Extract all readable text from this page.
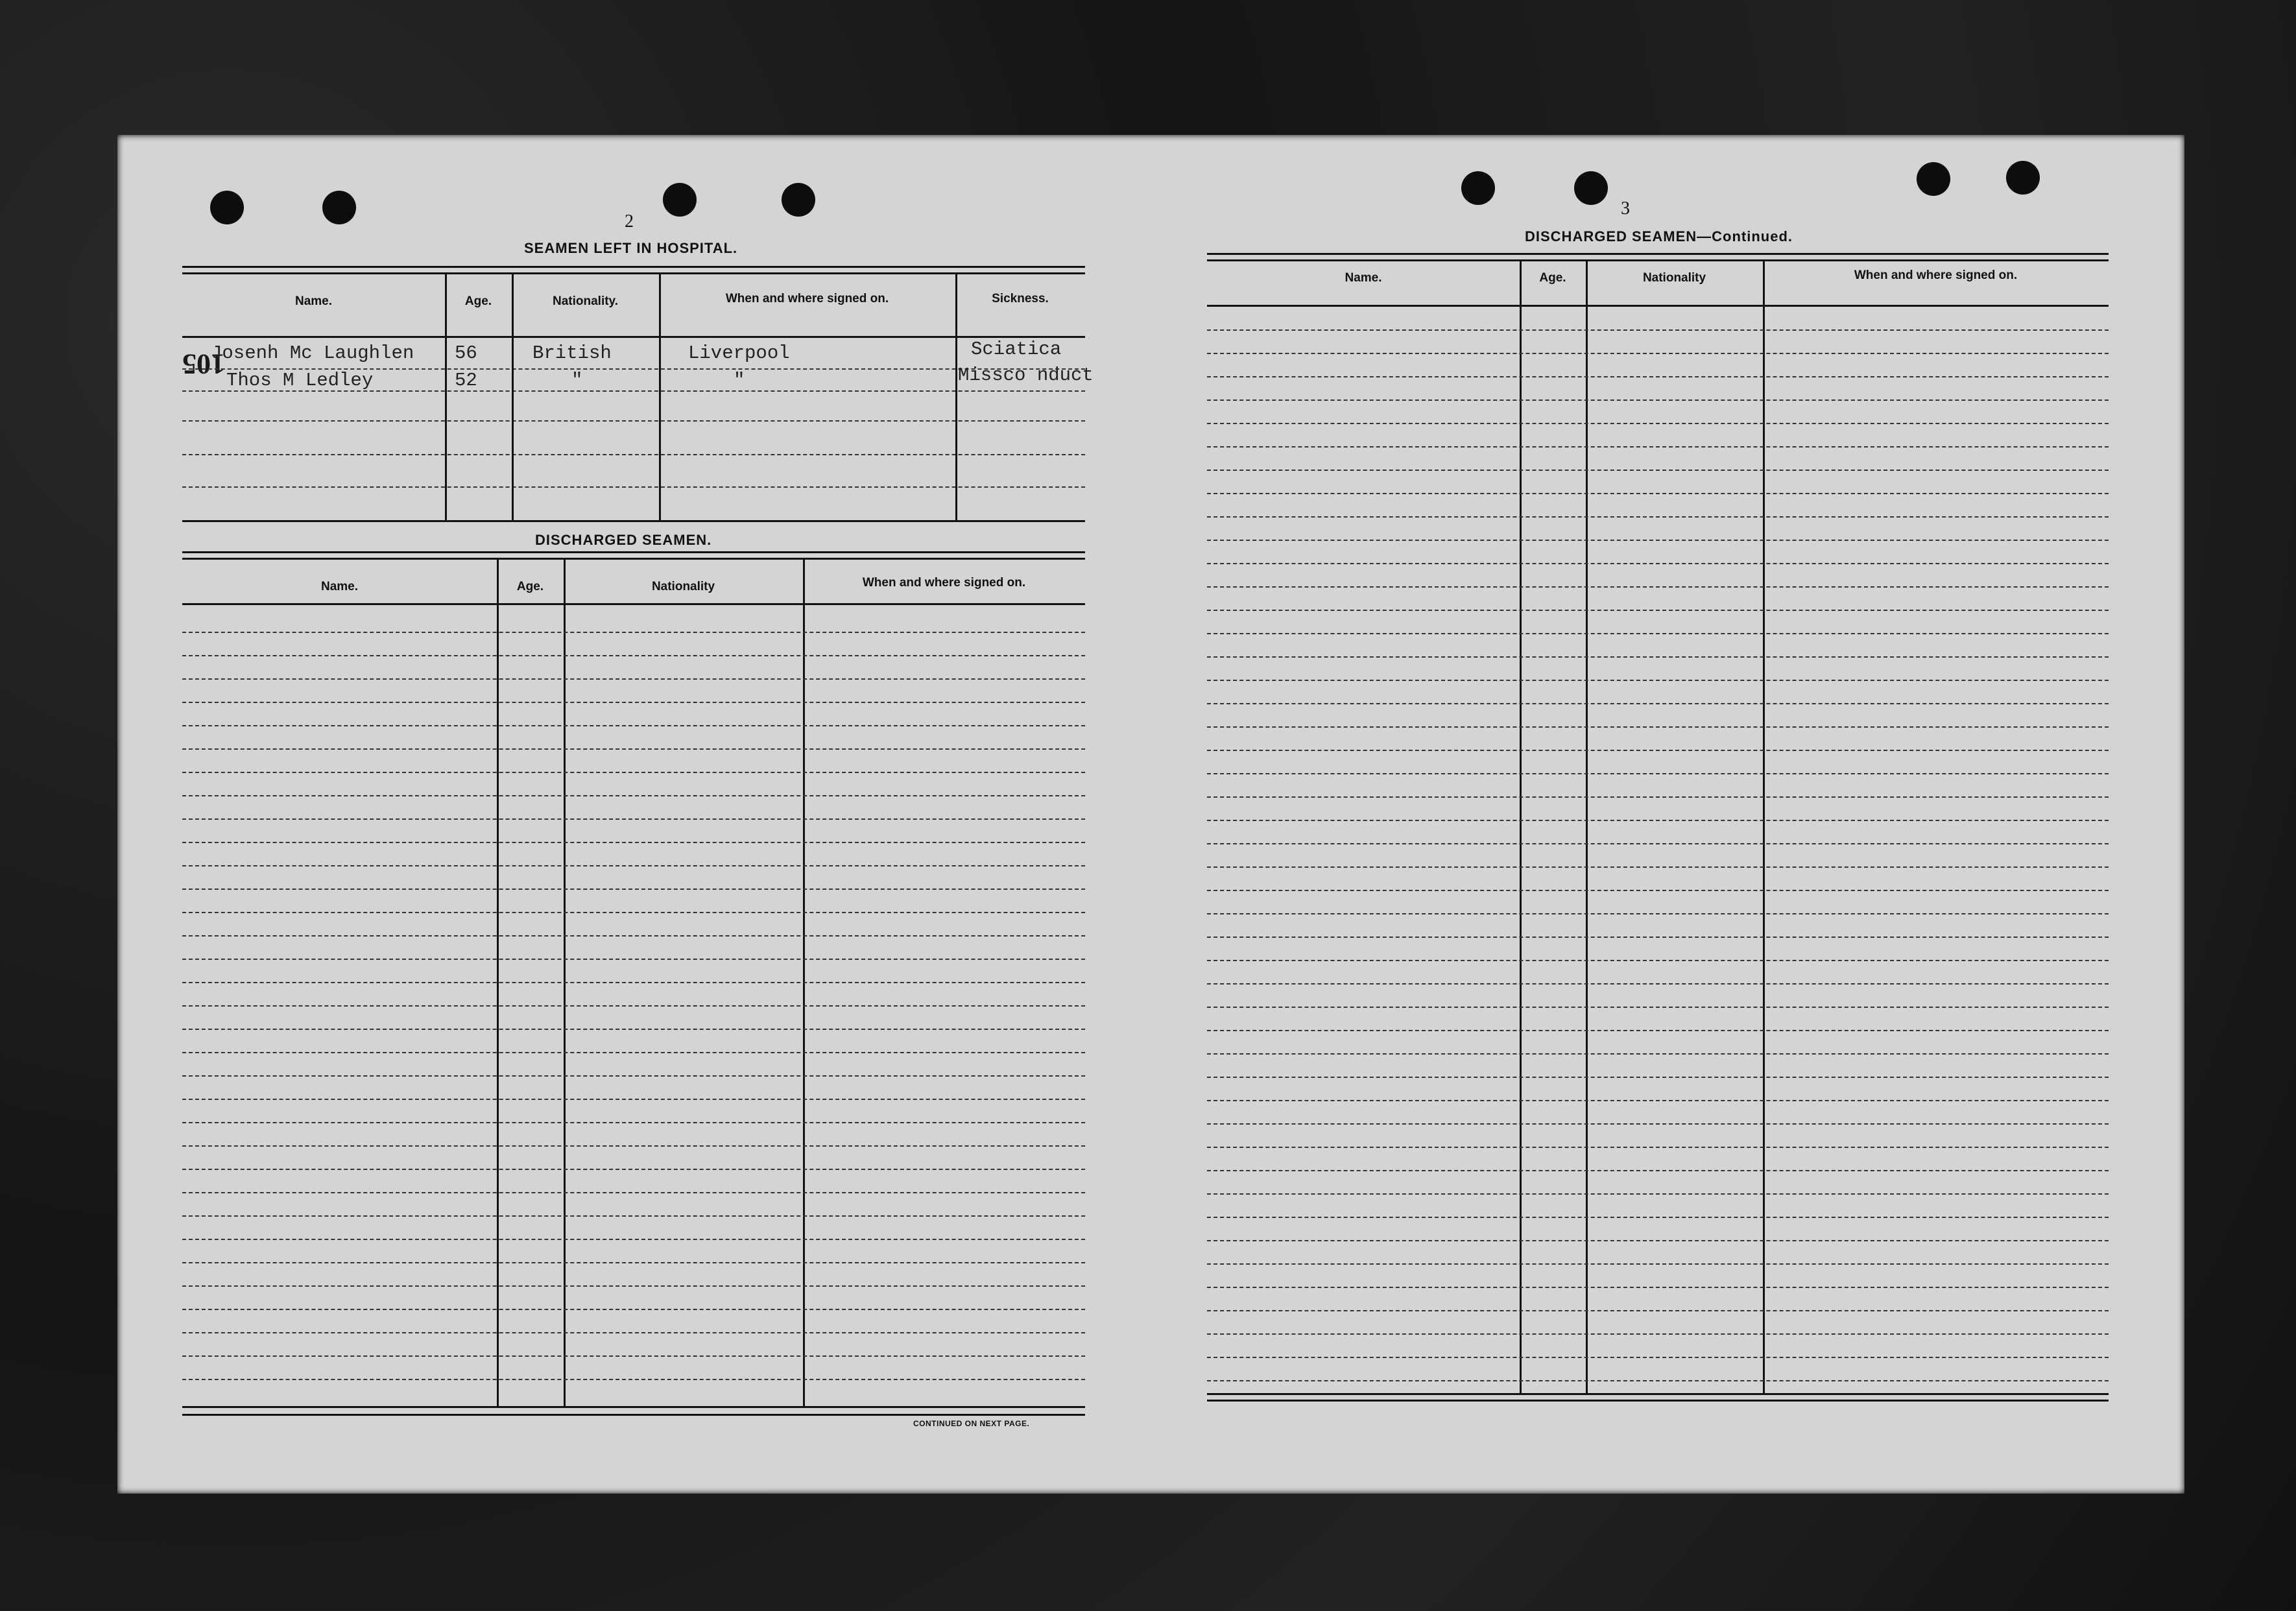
2
SEAMEN LEFT IN HOSPITAL.
105
Name.	Age.	Nationality.	When and where signed on.	Sickness.
Josenh Mc Laughlen 56	British	Liverpool	Sciatica
Thos M Ledley	52	"	"	Missco nduct
DISCHARGED SEAMEN.
Name.	Age.	Nationality	When and where signed on.
CONTINUED ON NEXT PAGE.
3
DISCHARGED SEAMEN—Continued.
Name.	Age.	Nationality	When and where signed on.
